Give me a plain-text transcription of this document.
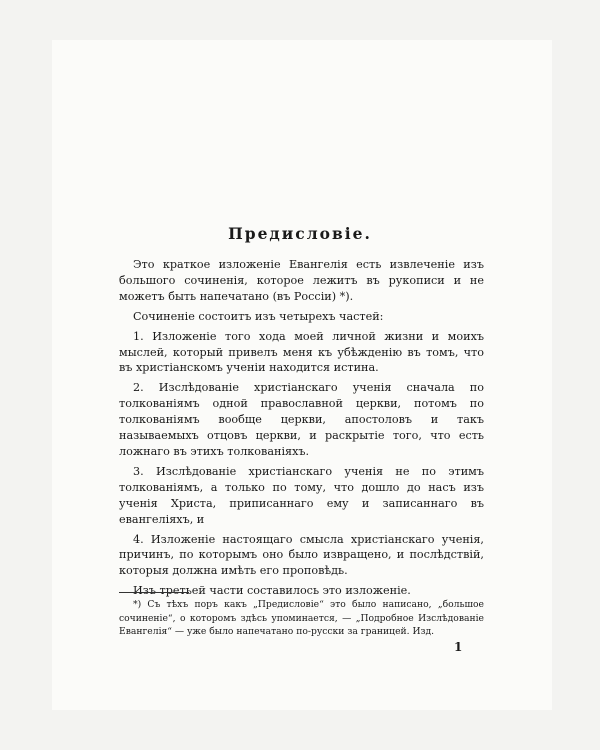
Предисловіе.

Это краткое изложеніе Евангелія есть извлеченіе изъ большого сочиненія, которое лежитъ въ рукописи и не можетъ быть напечатано (въ Россіи) *).

Сочиненіе состоитъ изъ четырехъ частей:

1. Изложеніе того хода моей личной жизни и моихъ мыслей, который привелъ меня къ убѣжденію въ томъ, что въ христіанскомъ ученіи находится истина.

2. Изслѣдованіе христіанскаго ученія сначала по толкованіямъ одной православной церкви, потомъ по толкованіямъ вообще церкви, апостоловъ и такъ называемыхъ отцовъ церкви, и раскрытіе того, что есть ложнаго въ этихъ толкованіяхъ.

3. Изслѣдованіе христіанскаго ученія не по этимъ толкованіямъ, а только по тому, что дошло до насъ изъ ученія Христа, приписаннаго ему и записаннаго въ евангеліяхъ, и

4. Изложеніе настоящаго смысла христіанскаго ученія, причинъ, по которымъ оно было извращено, и послѣдствій, которыя должна имѣть его проповѣдь.

Изъ третьей части составилось это изложеніе.

*) Съ тѣхъ поръ какъ „Предисловіе“ это было написано, „большое сочиненіе“, о которомъ здѣсь упоминается, — „Подробное Изслѣдованіе Евангелія“ — уже было напечатано по-русски за границей. Изд.
1
